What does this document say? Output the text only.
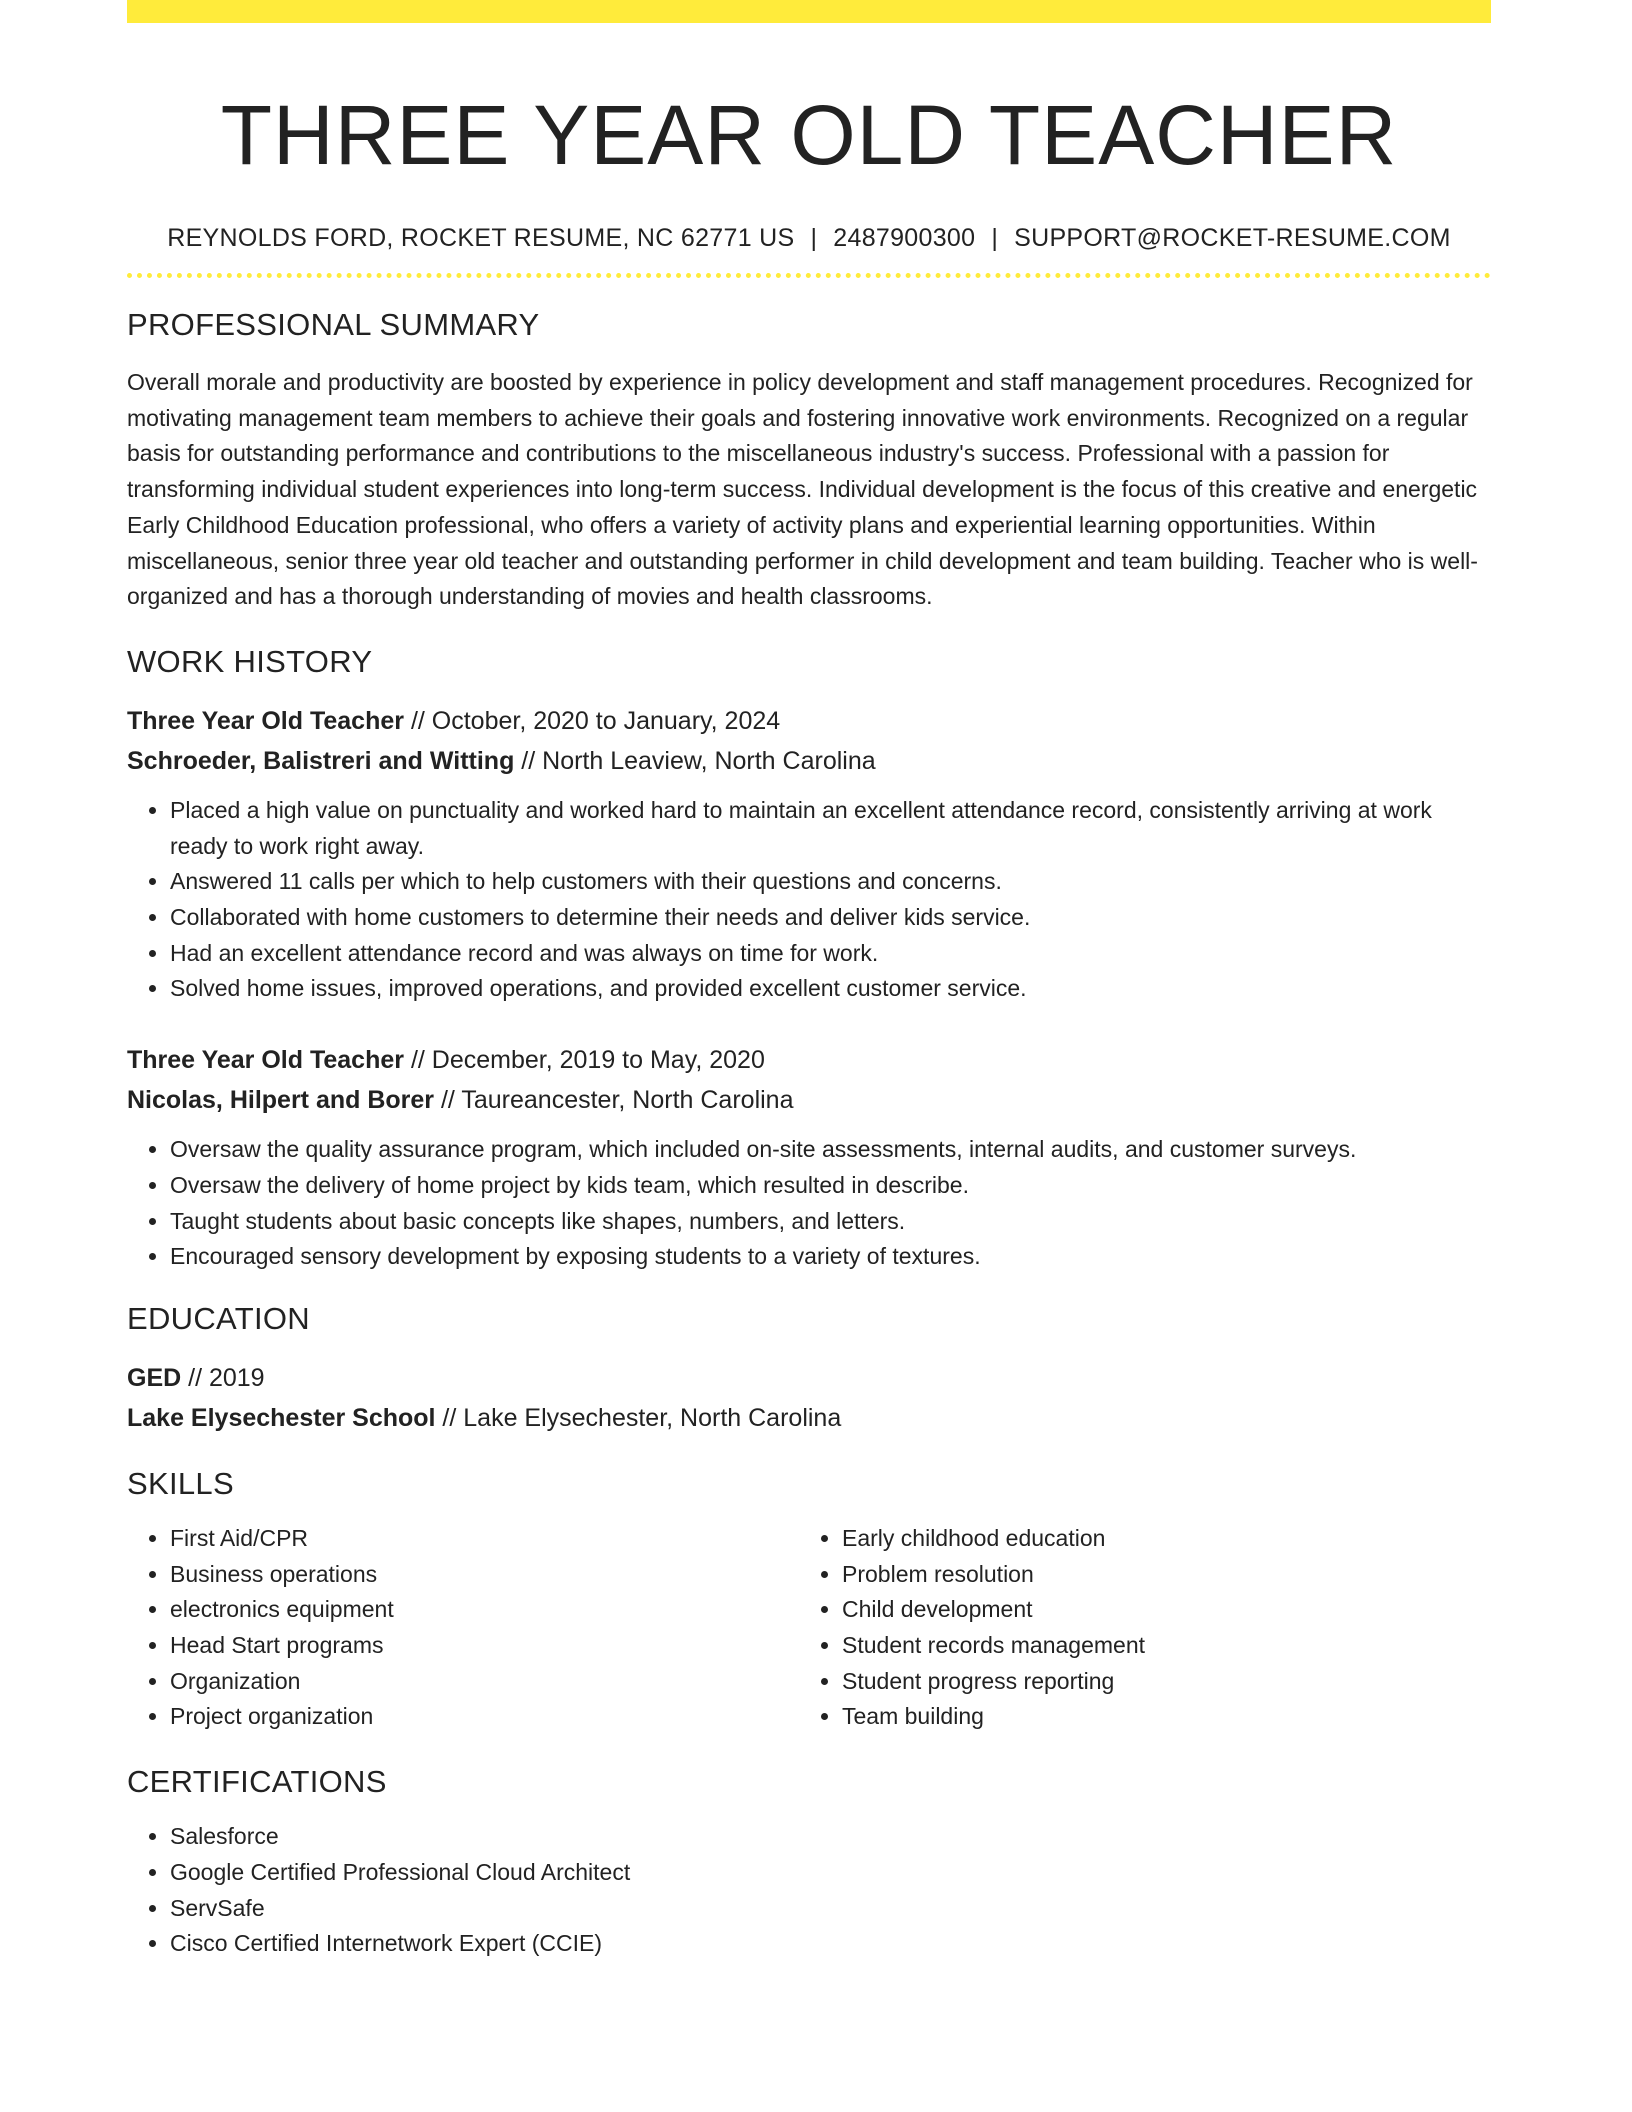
THREE YEAR OLD TEACHER
REYNOLDS FORD, ROCKET RESUME, NC 62771 US | 2487900300 | SUPPORT@ROCKET-RESUME.COM
PROFESSIONAL SUMMARY

Overall morale and productivity are boosted by experience in policy development and staff management procedures. Recognized for motivating management team members to achieve their goals and fostering innovative work environments. Recognized on a regular basis for outstanding performance and contributions to the miscellaneous industry's success. Professional with a passion for transforming individual student experiences into long-term success. Individual development is the focus of this creative and energetic Early Childhood Education professional, who offers a variety of activity plans and experiential learning opportunities. Within miscellaneous, senior three year old teacher and outstanding performer in child development and team building. Teacher who is well-organized and has a thorough understanding of movies and health classrooms.

WORK HISTORY
Three Year Old Teacher // October, 2020 to January, 2024
Schroeder, Balistreri and Witting // North Leaview, North Carolina
• Placed a high value on punctuality and worked hard to maintain an excellent attendance record, consistently arriving at work ready to work right away.
• Answered 11 calls per which to help customers with their questions and concerns.
• Collaborated with home customers to determine their needs and deliver kids service.
• Had an excellent attendance record and was always on time for work.
• Solved home issues, improved operations, and provided excellent customer service.
Three Year Old Teacher // December, 2019 to May, 2020
Nicolas, Hilpert and Borer // Taureancester, North Carolina
• Oversaw the quality assurance program, which included on-site assessments, internal audits, and customer surveys.
• Oversaw the delivery of home project by kids team, which resulted in describe.
• Taught students about basic concepts like shapes, numbers, and letters.
• Encouraged sensory development by exposing students to a variety of textures.
EDUCATION
GED // 2019
Lake Elysechester School // Lake Elysechester, North Carolina
SKILLS
• First Aid/CPR
• Business operations
• electronics equipment
• Head Start programs
• Organization
• Project organization
• Early childhood education
• Problem resolution
• Child development
• Student records management
• Student progress reporting
• Team building
CERTIFICATIONS
• Salesforce
• Google Certified Professional Cloud Architect
• ServSafe
• Cisco Certified Internetwork Expert (CCIE)
